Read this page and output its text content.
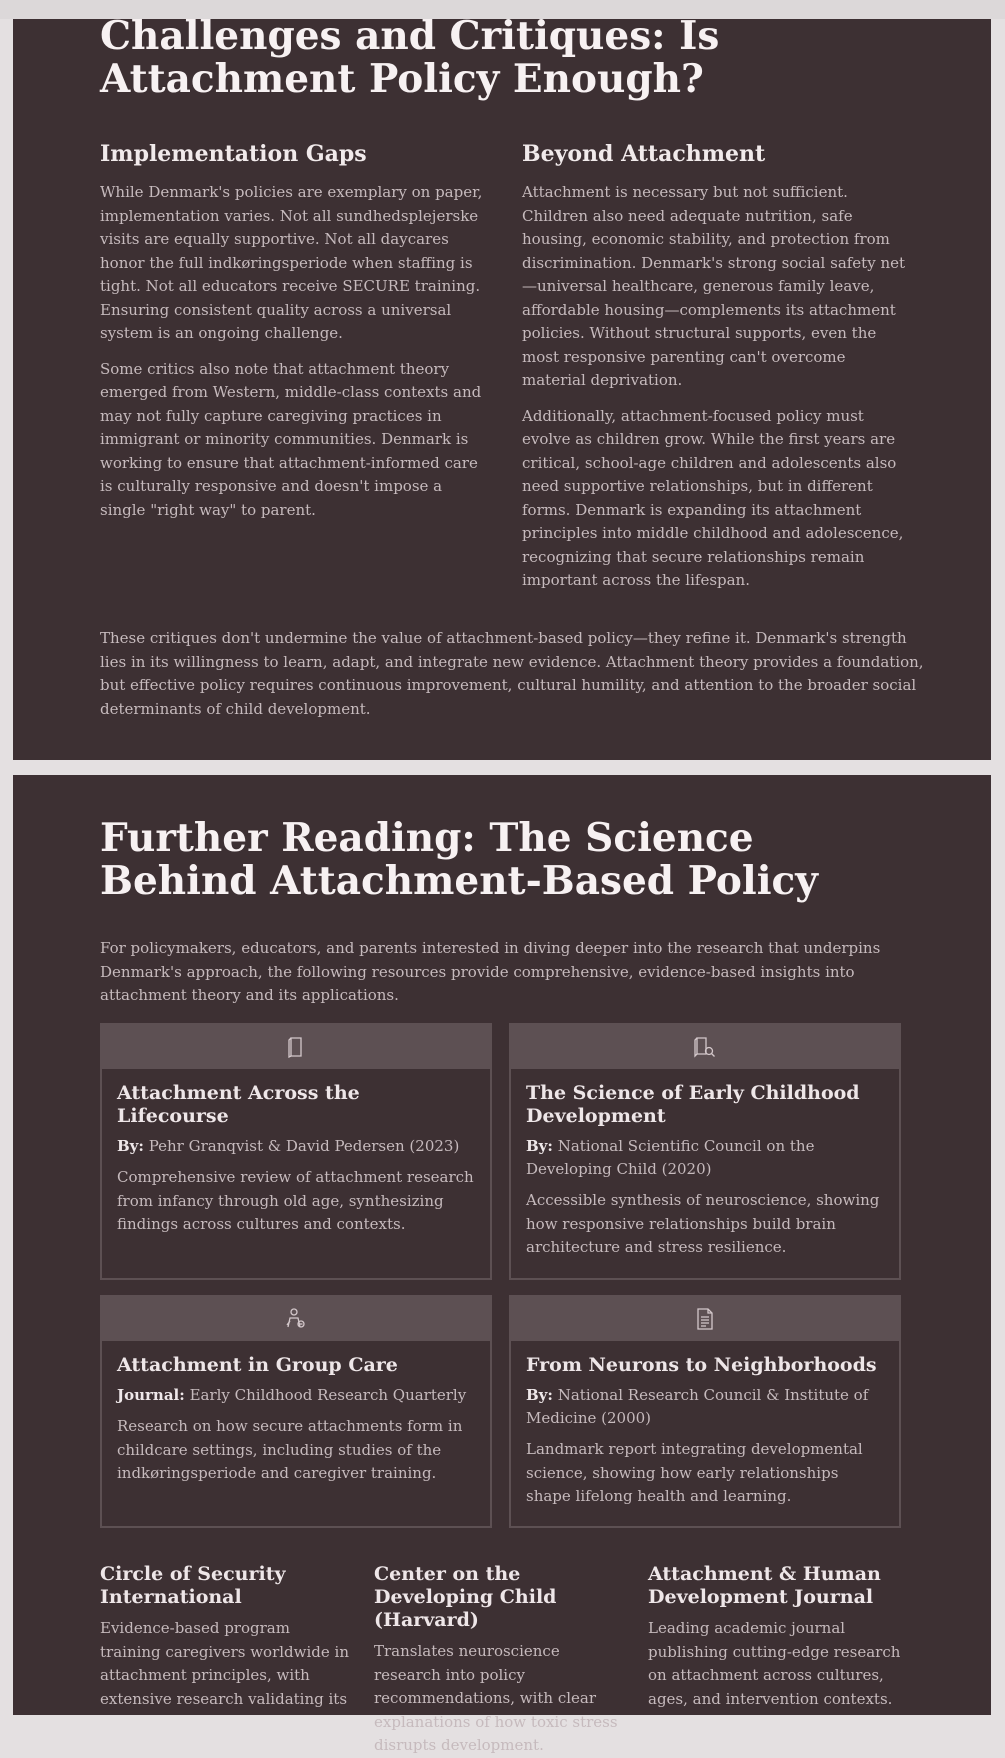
Challenges and Critiques: Is Attachment Policy Enough?
Implementation Gaps

While Denmark's policies are exemplary on paper, implementation varies. Not all sundhedsplejerske visits are equally supportive. Not all daycares honor the full indkøringsperiode when staffing is tight. Not all educators receive SECURE training. Ensuring consistent quality across a universal system is an ongoing challenge.

Some critics also note that attachment theory emerged from Western, middle-class contexts and may not fully capture caregiving practices in immigrant or minority communities. Denmark is working to ensure that attachment-informed care is culturally responsive and doesn't impose a single "right way" to parent.

Beyond Attachment

Attachment is necessary but not sufficient. Children also need adequate nutrition, safe housing, economic stability, and protection from discrimination. Denmark's strong social safety net—universal healthcare, generous family leave, affordable housing—complements its attachment policies. Without structural supports, even the most responsive parenting can't overcome material deprivation.

Additionally, attachment-focused policy must evolve as children grow. While the first years are critical, school-age children and adolescents also need supportive relationships, but in different forms. Denmark is expanding its attachment principles into middle childhood and adolescence, recognizing that secure relationships remain important across the lifespan.

These critiques don't undermine the value of attachment-based policy—they refine it. Denmark's strength lies in its willingness to learn, adapt, and integrate new evidence. Attachment theory provides a foundation, but effective policy requires continuous improvement, cultural humility, and attention to the broader social determinants of child development.

Further Reading: The Science Behind Attachment-Based Policy

For policymakers, educators, and parents interested in diving deeper into the research that underpins Denmark's approach, the following resources provide comprehensive, evidence-based insights into attachment theory and its applications.

Attachment Across the Lifecourse
By: Pehr Granqvist & David Pedersen (2023)

Comprehensive review of attachment research from infancy through old age, synthesizing findings across cultures and contexts.

The Science of Early Childhood Development
By: National Scientific Council on the Developing Child (2020)

Accessible synthesis of neuroscience, showing how responsive relationships build brain architecture and stress resilience.

Attachment in Group Care
Journal: Early Childhood Research Quarterly

Research on how secure attachments form in childcare settings, including studies of the indkøringsperiode and caregiver training.

From Neurons to Neighborhoods
By: National Research Council & Institute of Medicine (2000)

Landmark report integrating developmental science, showing how early relationships shape lifelong health and learning.

Circle of Security International

Evidence-based program training caregivers worldwide in attachment principles, with extensive research validating its

Center on the Developing Child (Harvard)

Translates neuroscience research into policy recommendations, with clear explanations of how toxic stress disrupts development.

Attachment & Human Development Journal

Leading academic journal publishing cutting-edge research on attachment across cultures, ages, and intervention contexts.
